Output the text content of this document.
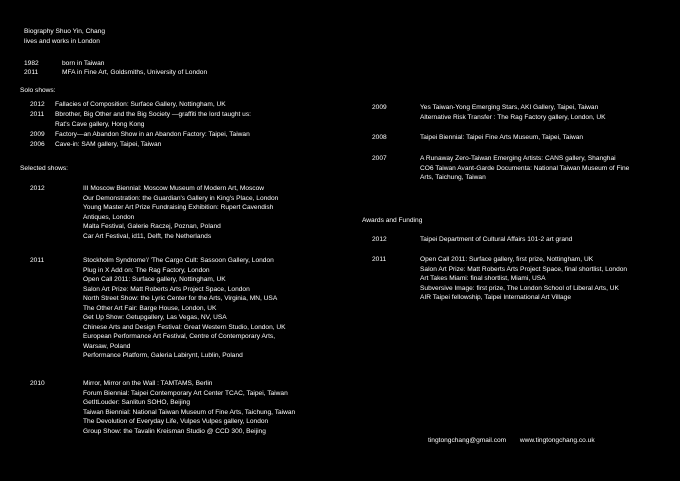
Biography Shuo Yin, Chang
lives and works in London
1982	born in Taiwan
2011	MFA in Fine Art, Goldsmiths, University of London
Solo shows:
2012 Fallacies of Composition: Surface Gallery, Nottingham, UK
2011 Bbrother, Big Other and the Big Society —graffiti the lord taught us:
Rat's Cave gallery, Hong Kong
2009 Factory—an Abandon Show in an Abandon Factory: Taipei, Taiwan
2006 Cave-in: SAM gallery, Taipei, Taiwan
Selected shows:
2012	III Moscow Biennial: Moscow Museum of Modern Art, Moscow
Our Demonstration: the Guardian's Gallery in King's Place, London
Young Master Art Prize Fundraising Exhibition: Rupert Cavendish
Antiques, London
Malta Festival, Galerie Raczej, Poznan, Poland
Car Art Festival, id11, Delft, the Netherlands
2011	Stockholm Syndrome'/ 'The Cargo Cult: Sassoon Gallery, London
Plug in X Add on: The Rag Factory, London
Open Call 2011: Surface gallery, Nottingham, UK
Salon Art Prize: Matt Roberts Arts Project Space, London
North Street Show: the Lyric Center for the Arts, Virginia, MN, USA
The Other Art Fair: Barge House, London, UK
Get Up Show: Getupgallery, Las Vegas, NV, USA
Chinese Arts and Design Festival: Great Western Studio, London, UK
European Performance Art Festival, Centre of Contemporary Arts,
Warsaw, Poland
Performance Platform, Galeria Labirynt, Lublin, Poland
2010	Mirror, Mirror on the Wall : TAMTAMS, Berlin
Forum Biennial: Taipei Contemporary Art Center TCAC, Taipei, Taiwan
GetItLouder: Sanlitun SOHO, Beijing
Taiwan Biennial: National Taiwan Museum of Fine Arts, Taichung, Taiwan
The Devolution of Everyday Life, Vulpes Vulpes gallery, London
Group Show: the Tavalin Kreisman Studio @ CCD 300, Beijing
2009	Yes Taiwan-Yong Emerging Stars, AKI Gallery, Taipei, Taiwan
Alternative Risk Transfer : The Rag Factory gallery, London, UK
2008	Taipei Biennial: Taipei Fine Arts Museum, Taipei, Taiwan
2007	A Runaway Zero-Taiwan Emerging Artists: CANS gallery, Shanghai
CO6 Taiwan Avant-Garde Documenta: National Taiwan Museum of Fine
Arts, Taichung, Taiwan
Awards and Funding
2012	Taipei Department of Cultural Affairs 101-2 art grand
2011	Open Call 2011: Surface gallery, first prize, Nottingham, UK
Salon Art Prize: Matt Roberts Arts Project Space, final shortlist, London
Art Takes Miami: final shortlist, Miami, USA
Subversive Image: first prize, The London School of Liberal Arts, UK
AIR Taipei fellowship, Taipei International Art Village
tingtongchang@gmail.com www.tingtongchang.co.uk
